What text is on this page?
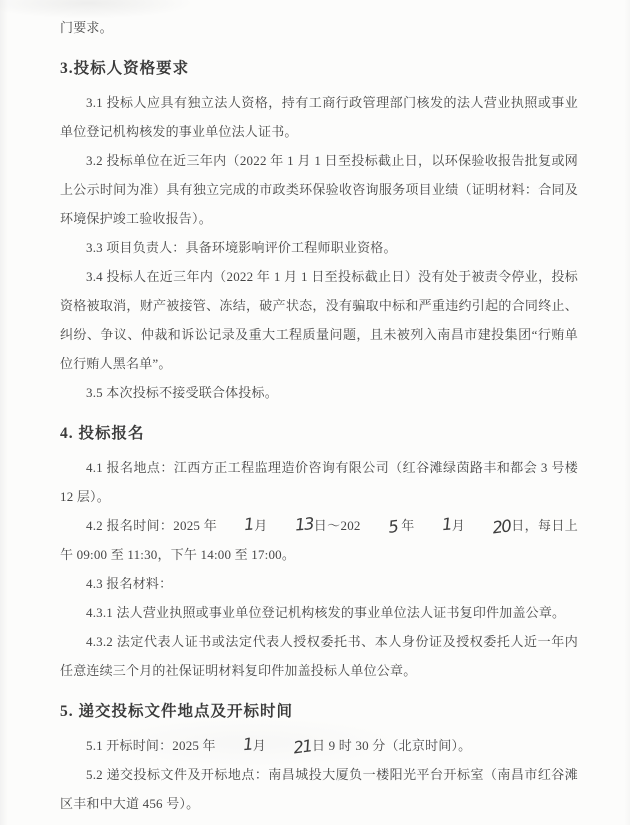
门要求。

3.投标人资格要求

3.1 投标人应具有独立法人资格，持有工商行政管理部门核发的法人营业执照或事业单位登记机构核发的事业单位法人证书。

3.2 投标单位在近三年内（2022 年 1 月 1 日至投标截止日，以环保验收报告批复或网上公示时间为准）具有独立完成的市政类环保验收咨询服务项目业绩（证明材料：合同及环境保护竣工验收报告）。

3.3 项目负责人：具备环境影响评价工程师职业资格。

3.4 投标人在近三年内（2022 年 1 月 1 日至投标截止日）没有处于被责令停业，投标资格被取消，财产被接管、冻结，破产状态，没有骗取中标和严重违约引起的合同终止、纠纷、争议、仲裁和诉讼记录及重大工程质量问题，且未被列入南昌市建投集团“行贿单位行贿人黑名单”。

3.5 本次投标不接受联合体投标。

4. 投标报名

4.1 报名地点：江西方正工程监理造价咨询有限公司（红谷滩绿茵路丰和都会 3 号楼 12 层）。

4.2 报名时间：2025 年 1月 13日～202 5 年 1月 20日，每日上午 09:00 至 11:30，下午 14:00 至 17:00。

4.3 报名材料：

4.3.1 法人营业执照或事业单位登记机构核发的事业单位法人证书复印件加盖公章。

4.3.2 法定代表人证书或法定代表人授权委托书、本人身份证及授权委托人近一年内任意连续三个月的社保证明材料复印件加盖投标人单位公章。

5. 递交投标文件地点及开标时间

5.1 开标时间：2025 年 1月 21日 9 时 30 分（北京时间）。

5.2 递交投标文件及开标地点：南昌城投大厦负一楼阳光平台开标室（南昌市红谷滩区丰和中大道 456 号）。
